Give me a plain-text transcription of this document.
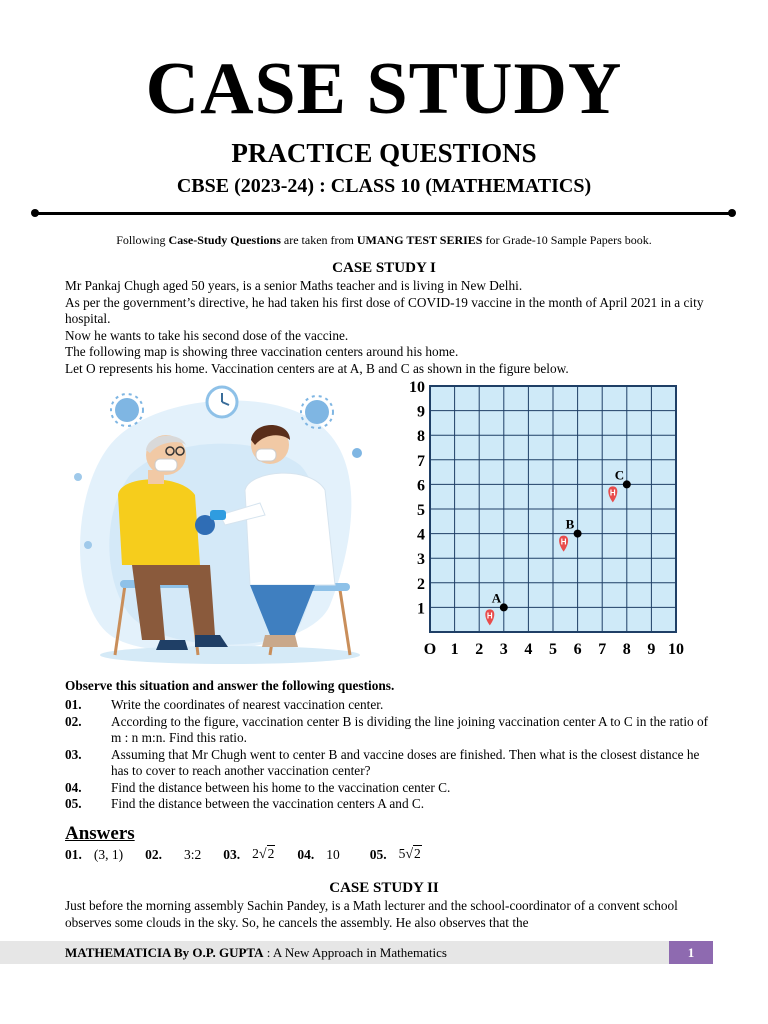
CASE STUDY
PRACTICE QUESTIONS
CBSE (2023-24) : CLASS 10 (MATHEMATICS)
Following Case-Study Questions are taken from UMANG TEST SERIES for Grade-10 Sample Papers book.
CASE STUDY I

Mr Pankaj Chugh aged 50 years, is a senior Maths teacher and is living in New Delhi.

As per the government’s directive, he had taken his first dose of COVID-19 vaccine in the month of April 2021 in a city hospital.

Now he wants to take his second dose of the vaccine.

The following map is showing three vaccination centers around his home.

Let O represents his home. Vaccination centers are at A, B and C as shown in the figure below.

O 1 2 3 4 5 6 7 8 9 10
1
2
3
4
5
6
7
8
9
10
H
A
H
B
H
C
Observe this situation and answer the following questions.
01.	Write the coordinates of nearest vaccination center.
02.	According to the figure, vaccination center B is dividing the line joining vaccination center A to C in the ratio of m : n m:n. Find this ratio.
03.	Assuming that Mr Chugh went to center B and vaccine doses are finished. Then what is the closest distance he has to cover to reach another vaccination center?
04.	Find the distance between his home to the vaccination center C.
05.	Find the distance between the vaccination centers A and C.
Answers
01. (3, 1) 02. 3:2 03. 2√2 04. 10 05. 5√2
CASE STUDY II
Just before the morning assembly Sachin Pandey, is a Math lecturer and the school-coordinator of a convent school observes some clouds in the sky. So, he cancels the assembly. He also observes that the
MATHEMATICIA By O.P. GUPTA : A New Approach in Mathematics	1
